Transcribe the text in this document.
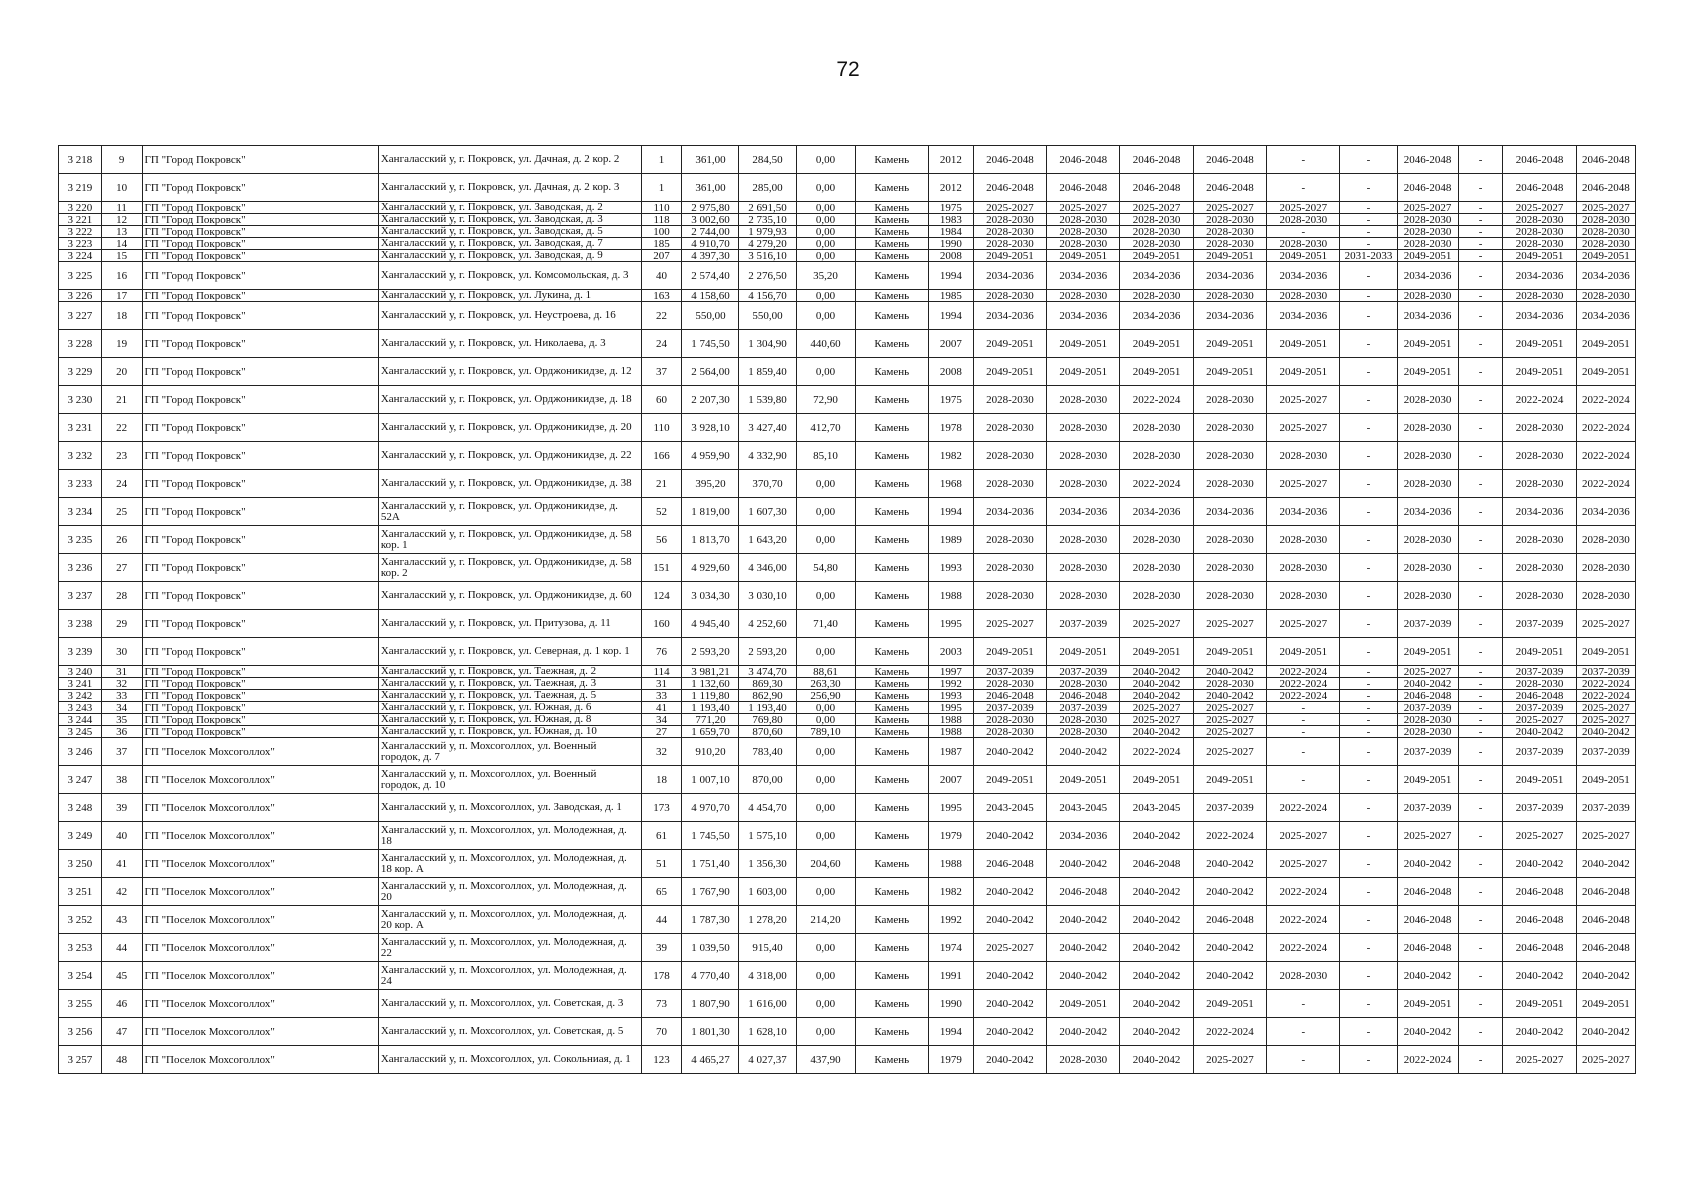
72
3 218	9	ГП "Город Покровск"	Хангаласский у, г. Покровск, ул. Дачная, д. 2 кор. 2	1	361,00	284,50	0,00	Камень	2012	2046-2048	2046-2048	2046-2048	2046-2048	-	-	2046-2048	-	2046-2048	2046-2048
3 219	10	ГП "Город Покровск"	Хангаласский у, г. Покровск, ул. Дачная, д. 2 кор. 3	1	361,00	285,00	0,00	Камень	2012	2046-2048	2046-2048	2046-2048	2046-2048	-	-	2046-2048	-	2046-2048	2046-2048
3 220	11	ГП "Город Покровск"	Хангаласский у, г. Покровск, ул. Заводская, д. 2	110	2 975,80	2 691,50	0,00	Камень	1975	2025-2027	2025-2027	2025-2027	2025-2027	2025-2027	-	2025-2027	-	2025-2027	2025-2027
3 221	12	ГП "Город Покровск"	Хангаласский у, г. Покровск, ул. Заводская, д. 3	118	3 002,60	2 735,10	0,00	Камень	1983	2028-2030	2028-2030	2028-2030	2028-2030	2028-2030	-	2028-2030	-	2028-2030	2028-2030
3 222	13	ГП "Город Покровск"	Хангаласский у, г. Покровск, ул. Заводская, д. 5	100	2 744,00	1 979,93	0,00	Камень	1984	2028-2030	2028-2030	2028-2030	2028-2030	-	-	2028-2030	-	2028-2030	2028-2030
3 223	14	ГП "Город Покровск"	Хангаласский у, г. Покровск, ул. Заводская, д. 7	185	4 910,70	4 279,20	0,00	Камень	1990	2028-2030	2028-2030	2028-2030	2028-2030	2028-2030	-	2028-2030	-	2028-2030	2028-2030
3 224	15	ГП "Город Покровск"	Хангаласский у, г. Покровск, ул. Заводская, д. 9	207	4 397,30	3 516,10	0,00	Камень	2008	2049-2051	2049-2051	2049-2051	2049-2051	2049-2051	2031-2033	2049-2051	-	2049-2051	2049-2051
3 225	16	ГП "Город Покровск"	Хангаласский у, г. Покровск, ул. Комсомольская, д. 3	40	2 574,40	2 276,50	35,20	Камень	1994	2034-2036	2034-2036	2034-2036	2034-2036	2034-2036	-	2034-2036	-	2034-2036	2034-2036
3 226	17	ГП "Город Покровск"	Хангаласский у, г. Покровск, ул. Лукина, д. 1	163	4 158,60	4 156,70	0,00	Камень	1985	2028-2030	2028-2030	2028-2030	2028-2030	2028-2030	-	2028-2030	-	2028-2030	2028-2030
3 227	18	ГП "Город Покровск"	Хангаласский у, г. Покровск, ул. Неустроева, д. 16	22	550,00	550,00	0,00	Камень	1994	2034-2036	2034-2036	2034-2036	2034-2036	2034-2036	-	2034-2036	-	2034-2036	2034-2036
3 228	19	ГП "Город Покровск"	Хангаласский у, г. Покровск, ул. Николаева, д. 3	24	1 745,50	1 304,90	440,60	Камень	2007	2049-2051	2049-2051	2049-2051	2049-2051	2049-2051	-	2049-2051	-	2049-2051	2049-2051
3 229	20	ГП "Город Покровск"	Хангаласский у, г. Покровск, ул. Орджоникидзе, д. 12	37	2 564,00	1 859,40	0,00	Камень	2008	2049-2051	2049-2051	2049-2051	2049-2051	2049-2051	-	2049-2051	-	2049-2051	2049-2051
3 230	21	ГП "Город Покровск"	Хангаласский у, г. Покровск, ул. Орджоникидзе, д. 18	60	2 207,30	1 539,80	72,90	Камень	1975	2028-2030	2028-2030	2022-2024	2028-2030	2025-2027	-	2028-2030	-	2022-2024	2022-2024
3 231	22	ГП "Город Покровск"	Хангаласский у, г. Покровск, ул. Орджоникидзе, д. 20	110	3 928,10	3 427,40	412,70	Камень	1978	2028-2030	2028-2030	2028-2030	2028-2030	2025-2027	-	2028-2030	-	2028-2030	2022-2024
3 232	23	ГП "Город Покровск"	Хангаласский у, г. Покровск, ул. Орджоникидзе, д. 22	166	4 959,90	4 332,90	85,10	Камень	1982	2028-2030	2028-2030	2028-2030	2028-2030	2028-2030	-	2028-2030	-	2028-2030	2022-2024
3 233	24	ГП "Город Покровск"	Хангаласский у, г. Покровск, ул. Орджоникидзе, д. 38	21	395,20	370,70	0,00	Камень	1968	2028-2030	2028-2030	2022-2024	2028-2030	2025-2027	-	2028-2030	-	2028-2030	2022-2024
3 234	25	ГП "Город Покровск"	Хангаласский у, г. Покровск, ул. Орджоникидзе, д. 52А	52	1 819,00	1 607,30	0,00	Камень	1994	2034-2036	2034-2036	2034-2036	2034-2036	2034-2036	-	2034-2036	-	2034-2036	2034-2036
3 235	26	ГП "Город Покровск"	Хангаласский у, г. Покровск, ул. Орджоникидзе, д. 58 кор. 1	56	1 813,70	1 643,20	0,00	Камень	1989	2028-2030	2028-2030	2028-2030	2028-2030	2028-2030	-	2028-2030	-	2028-2030	2028-2030
3 236	27	ГП "Город Покровск"	Хангаласский у, г. Покровск, ул. Орджоникидзе, д. 58 кор. 2	151	4 929,60	4 346,00	54,80	Камень	1993	2028-2030	2028-2030	2028-2030	2028-2030	2028-2030	-	2028-2030	-	2028-2030	2028-2030
3 237	28	ГП "Город Покровск"	Хангаласский у, г. Покровск, ул. Орджоникидзе, д. 60	124	3 034,30	3 030,10	0,00	Камень	1988	2028-2030	2028-2030	2028-2030	2028-2030	2028-2030	-	2028-2030	-	2028-2030	2028-2030
3 238	29	ГП "Город Покровск"	Хангаласский у, г. Покровск, ул. Притузова, д. 11	160	4 945,40	4 252,60	71,40	Камень	1995	2025-2027	2037-2039	2025-2027	2025-2027	2025-2027	-	2037-2039	-	2037-2039	2025-2027
3 239	30	ГП "Город Покровск"	Хангаласский у, г. Покровск, ул. Северная, д. 1 кор. 1	76	2 593,20	2 593,20	0,00	Камень	2003	2049-2051	2049-2051	2049-2051	2049-2051	2049-2051	-	2049-2051	-	2049-2051	2049-2051
3 240	31	ГП "Город Покровск"	Хангаласский у, г. Покровск, ул. Таежная, д. 2	114	3 981,21	3 474,70	88,61	Камень	1997	2037-2039	2037-2039	2040-2042	2040-2042	2022-2024	-	2025-2027	-	2037-2039	2037-2039
3 241	32	ГП "Город Покровск"	Хангаласский у, г. Покровск, ул. Таежная, д. 3	31	1 132,60	869,30	263,30	Камень	1992	2028-2030	2028-2030	2040-2042	2028-2030	2022-2024	-	2040-2042	-	2028-2030	2022-2024
3 242	33	ГП "Город Покровск"	Хангаласский у, г. Покровск, ул. Таежная, д. 5	33	1 119,80	862,90	256,90	Камень	1993	2046-2048	2046-2048	2040-2042	2040-2042	2022-2024	-	2046-2048	-	2046-2048	2022-2024
3 243	34	ГП "Город Покровск"	Хангаласский у, г. Покровск, ул. Южная, д. 6	41	1 193,40	1 193,40	0,00	Камень	1995	2037-2039	2037-2039	2025-2027	2025-2027	-	-	2037-2039	-	2037-2039	2025-2027
3 244	35	ГП "Город Покровск"	Хангаласский у, г. Покровск, ул. Южная, д. 8	34	771,20	769,80	0,00	Камень	1988	2028-2030	2028-2030	2025-2027	2025-2027	-	-	2028-2030	-	2025-2027	2025-2027
3 245	36	ГП "Город Покровск"	Хангаласский у, г. Покровск, ул. Южная, д. 10	27	1 659,70	870,60	789,10	Камень	1988	2028-2030	2028-2030	2040-2042	2025-2027	-	-	2028-2030	-	2040-2042	2040-2042
3 246	37	ГП "Поселок Мохсоголлох"	Хангаласский у, п. Мохсоголлох, ул. Военный городок, д. 7	32	910,20	783,40	0,00	Камень	1987	2040-2042	2040-2042	2022-2024	2025-2027	-	-	2037-2039	-	2037-2039	2037-2039
3 247	38	ГП "Поселок Мохсоголлох"	Хангаласский у, п. Мохсоголлох, ул. Военный городок, д. 10	18	1 007,10	870,00	0,00	Камень	2007	2049-2051	2049-2051	2049-2051	2049-2051	-	-	2049-2051	-	2049-2051	2049-2051
3 248	39	ГП "Поселок Мохсоголлох"	Хангаласский у, п. Мохсоголлох, ул. Заводская, д. 1	173	4 970,70	4 454,70	0,00	Камень	1995	2043-2045	2043-2045	2043-2045	2037-2039	2022-2024	-	2037-2039	-	2037-2039	2037-2039
3 249	40	ГП "Поселок Мохсоголлох"	Хангаласский у, п. Мохсоголлох, ул. Молодежная, д. 18	61	1 745,50	1 575,10	0,00	Камень	1979	2040-2042	2034-2036	2040-2042	2022-2024	2025-2027	-	2025-2027	-	2025-2027	2025-2027
3 250	41	ГП "Поселок Мохсоголлох"	Хангаласский у, п. Мохсоголлох, ул. Молодежная, д. 18 кор. А	51	1 751,40	1 356,30	204,60	Камень	1988	2046-2048	2040-2042	2046-2048	2040-2042	2025-2027	-	2040-2042	-	2040-2042	2040-2042
3 251	42	ГП "Поселок Мохсоголлох"	Хангаласский у, п. Мохсоголлох, ул. Молодежная, д. 20	65	1 767,90	1 603,00	0,00	Камень	1982	2040-2042	2046-2048	2040-2042	2040-2042	2022-2024	-	2046-2048	-	2046-2048	2046-2048
3 252	43	ГП "Поселок Мохсоголлох"	Хангаласский у, п. Мохсоголлох, ул. Молодежная, д. 20 кор. А	44	1 787,30	1 278,20	214,20	Камень	1992	2040-2042	2040-2042	2040-2042	2046-2048	2022-2024	-	2046-2048	-	2046-2048	2046-2048
3 253	44	ГП "Поселок Мохсоголлох"	Хангаласский у, п. Мохсоголлох, ул. Молодежная, д. 22	39	1 039,50	915,40	0,00	Камень	1974	2025-2027	2040-2042	2040-2042	2040-2042	2022-2024	-	2046-2048	-	2046-2048	2046-2048
3 254	45	ГП "Поселок Мохсоголлох"	Хангаласский у, п. Мохсоголлох, ул. Молодежная, д. 24	178	4 770,40	4 318,00	0,00	Камень	1991	2040-2042	2040-2042	2040-2042	2040-2042	2028-2030	-	2040-2042	-	2040-2042	2040-2042
3 255	46	ГП "Поселок Мохсоголлох"	Хангаласский у, п. Мохсоголлох, ул. Советская, д. 3	73	1 807,90	1 616,00	0,00	Камень	1990	2040-2042	2049-2051	2040-2042	2049-2051	-	-	2049-2051	-	2049-2051	2049-2051
3 256	47	ГП "Поселок Мохсоголлох"	Хангаласский у, п. Мохсоголлох, ул. Советская, д. 5	70	1 801,30	1 628,10	0,00	Камень	1994	2040-2042	2040-2042	2040-2042	2022-2024	-	-	2040-2042	-	2040-2042	2040-2042
3 257	48	ГП "Поселок Мохсоголлох"	Хангаласский у, п. Мохсоголлох, ул. Сокольниая, д. 1	123	4 465,27	4 027,37	437,90	Камень	1979	2040-2042	2028-2030	2040-2042	2025-2027	-	-	2022-2024	-	2025-2027	2025-2027
